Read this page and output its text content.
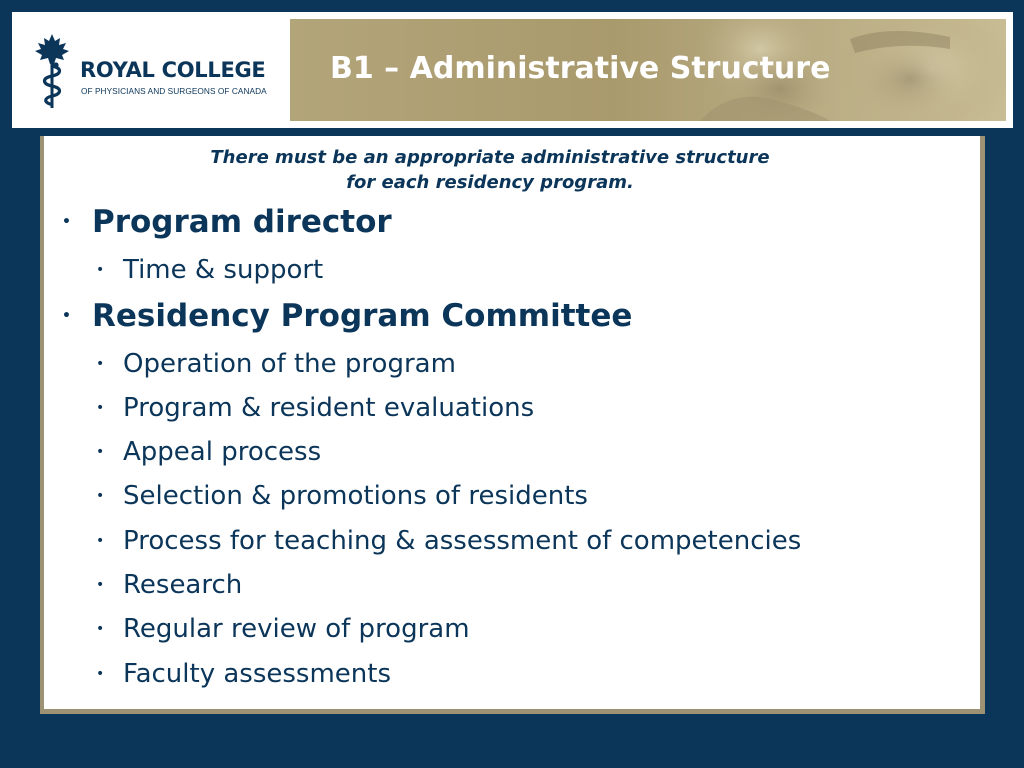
ROYAL COLLEGE
OF PHYSICIANS AND SURGEONS OF CANADA
B1 – Administrative Structure
There must be an appropriate administrative structure
for each residency program.
• Program director
• Time & support
• Residency Program Committee
• Operation of the program
• Program & resident evaluations
• Appeal process
• Selection & promotions of residents
• Process for teaching & assessment of competencies
• Research
• Regular review of program
• Faculty assessments
